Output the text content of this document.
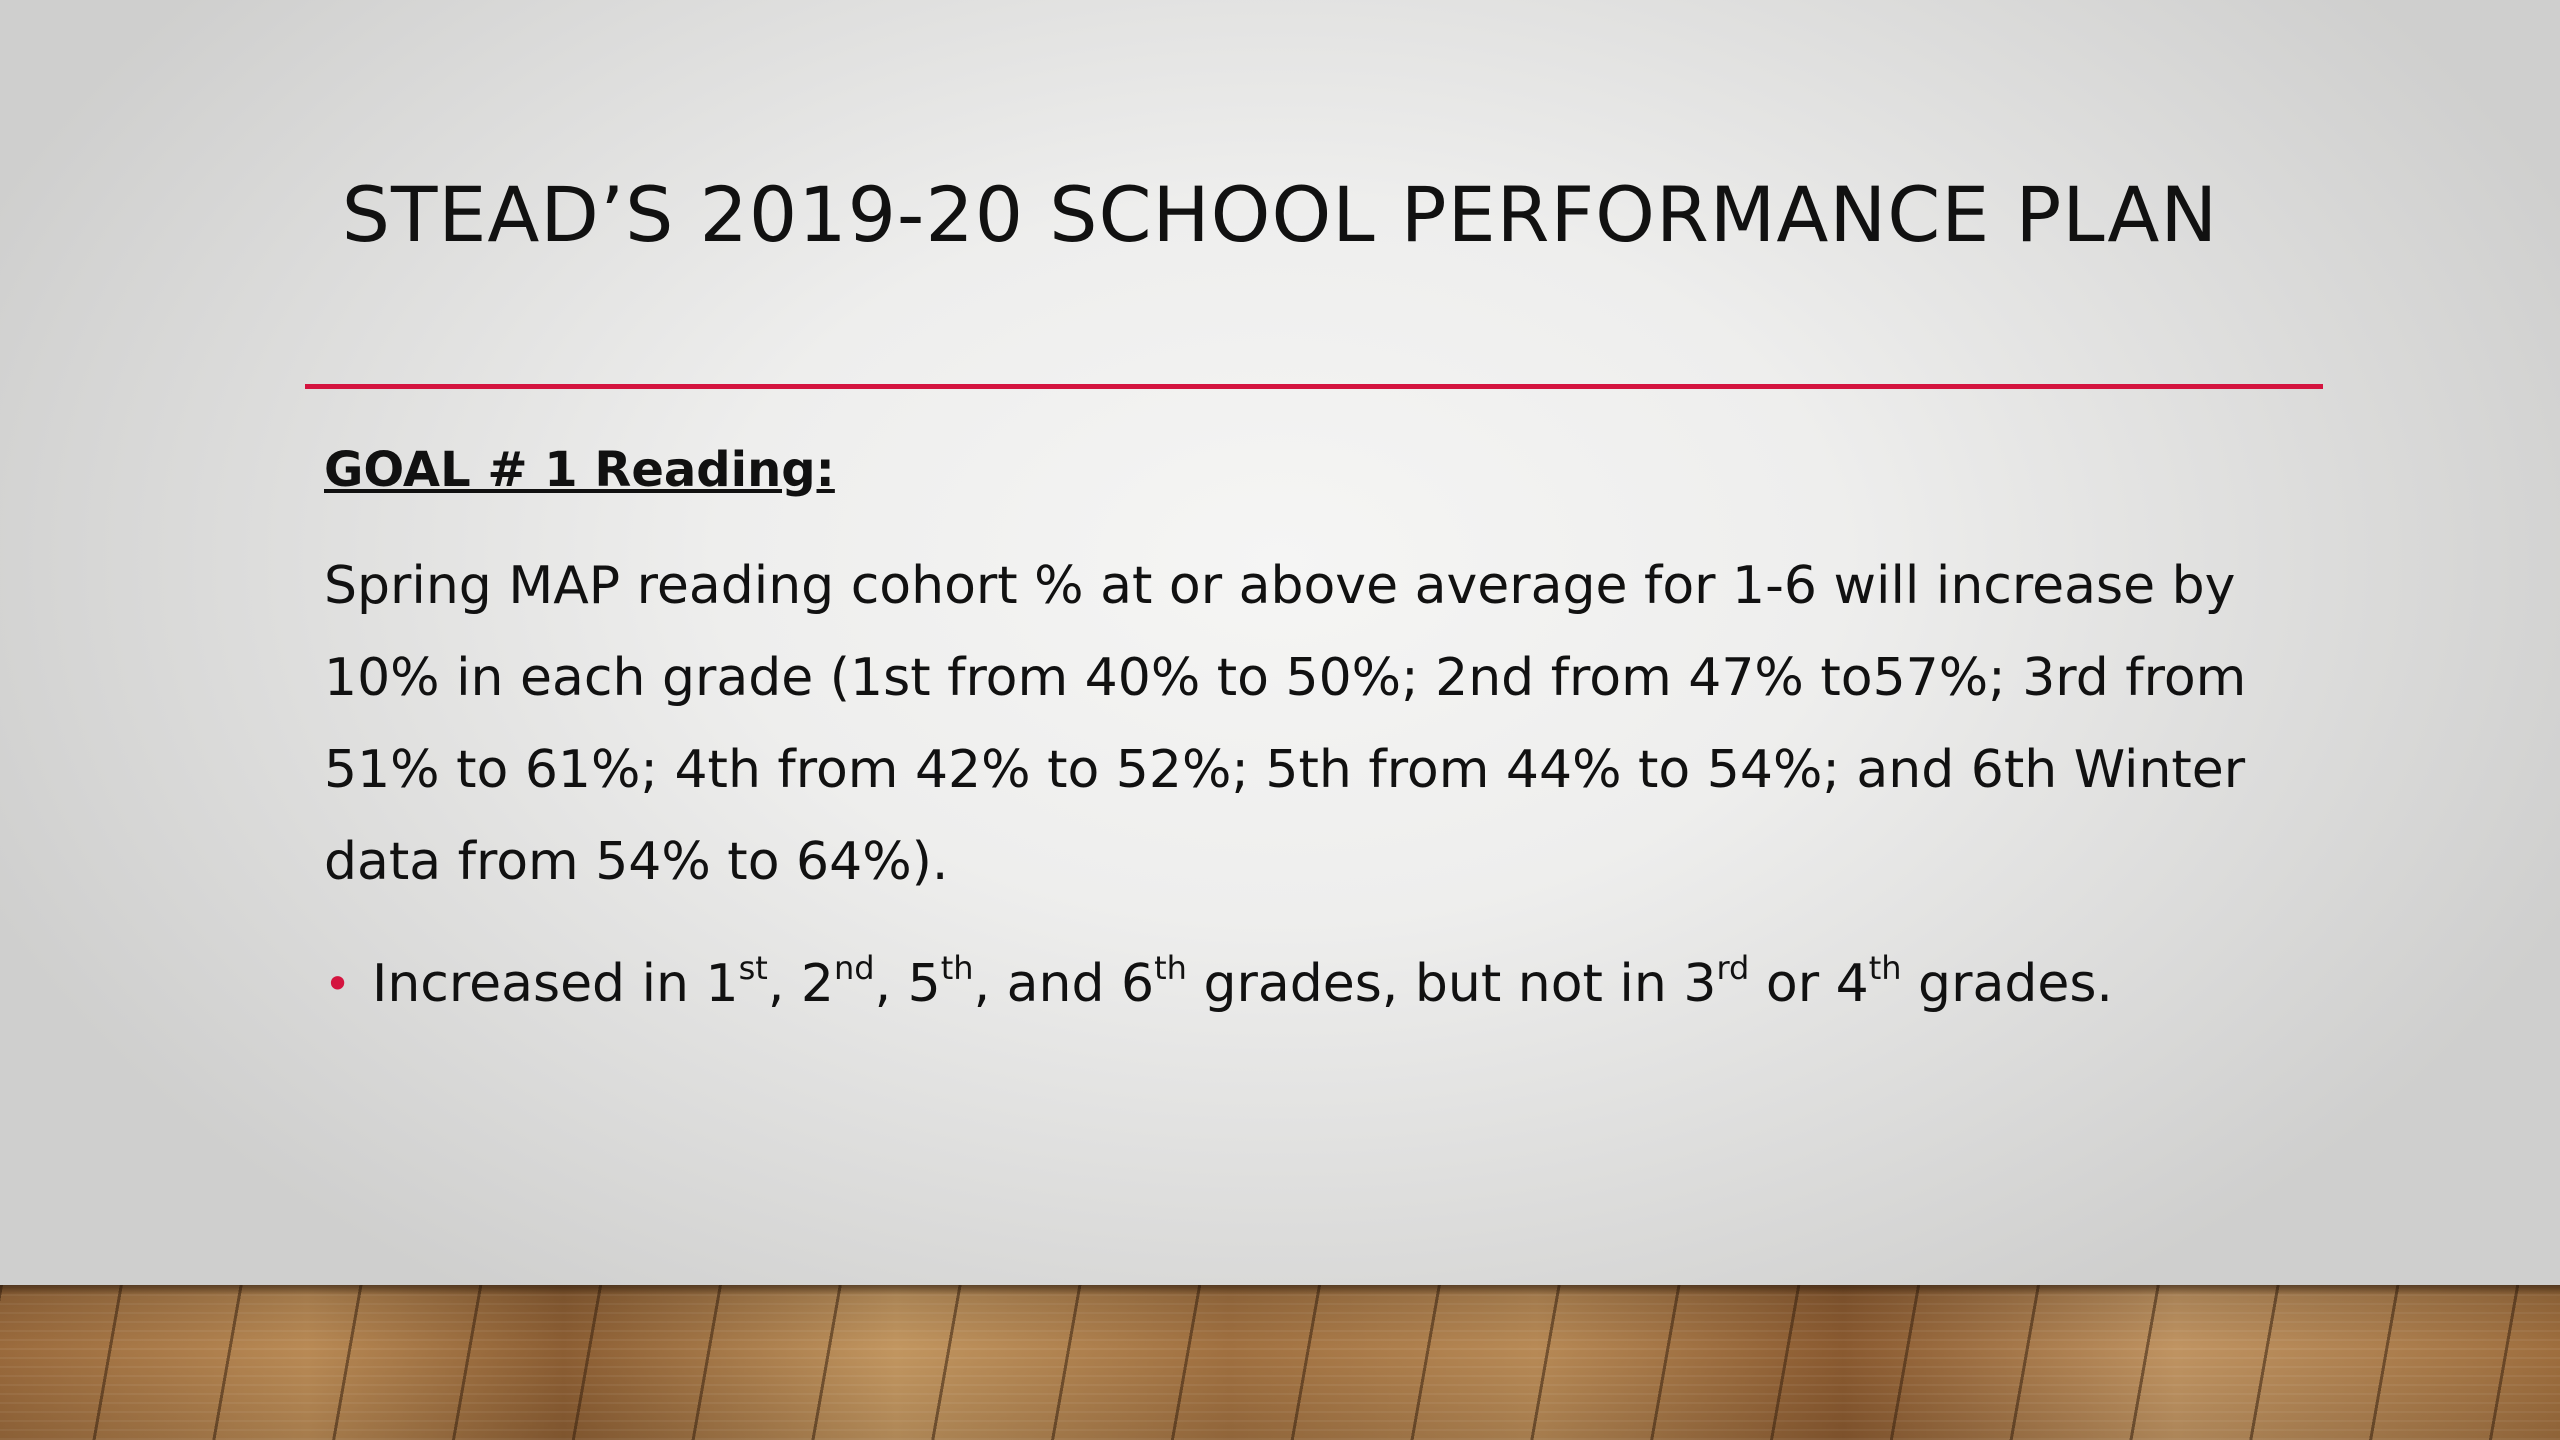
STEAD’S 2019-20 SCHOOL PERFORMANCE PLAN
GOAL # 1 Reading:
Spring MAP reading cohort % at or above average for 1-6 will increase by 10% in each grade (1st from 40% to 50%; 2nd from 47% to57%; 3rd from 51% to 61%; 4th from 42% to 52%; 5th from 44% to 54%; and 6th Winter data from 54% to 64%).
• Increased in 1st, 2nd, 5th, and 6th grades, but not in 3rd or 4th grades.
